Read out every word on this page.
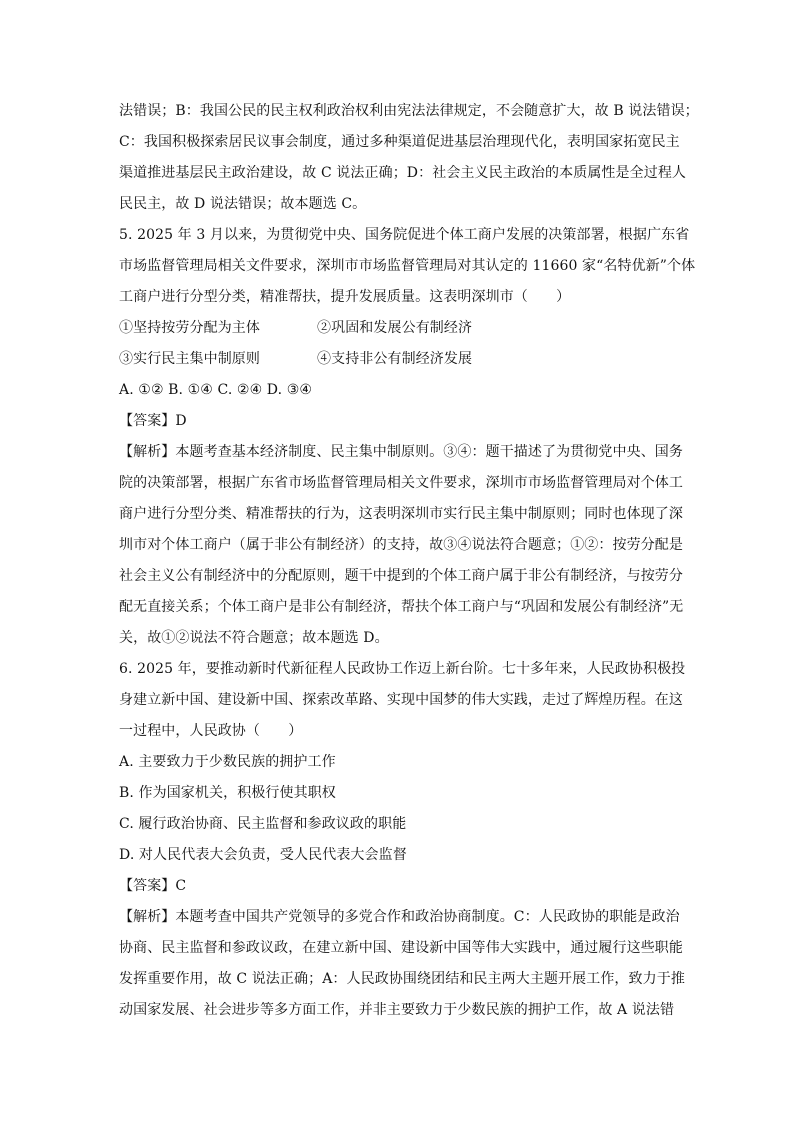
法错误；B：我国公民的民主权利政治权利由宪法法律规定，不会随意扩大，故 B 说法错误；
C：我国积极探索居民议事会制度，通过多种渠道促进基层治理现代化，表明国家拓宽民主
渠道推进基层民主政治建设，故 C 说法正确；D：社会主义民主政治的本质属性是全过程人
民民主，故 D 说法错误；故本题选 C。
5. 2025 年 3 月以来，为贯彻党中央、国务院促进个体工商户发展的决策部署，根据广东省
市场监督管理局相关文件要求，深圳市市场监督管理局对其认定的 11660 家“名特优新”个体
工商户进行分型分类，精准帮扶，提升发展质量。这表明深圳市（　　）
①坚持按劳分配为主体	②巩固和发展公有制经济
③实行民主集中制原则	④支持非公有制经济发展
A. ①② B. ①④ C. ②④ D. ③④
【答案】D
【解析】本题考查基本经济制度、民主集中制原则。③④：题干描述了为贯彻党中央、国务
院的决策部署，根据广东省市场监督管理局相关文件要求，深圳市市场监督管理局对个体工
商户进行分型分类、精准帮扶的行为，这表明深圳市实行民主集中制原则；同时也体现了深
圳市对个体工商户（属于非公有制经济）的支持，故③④说法符合题意；①②：按劳分配是
社会主义公有制经济中的分配原则，题干中提到的个体工商户属于非公有制经济，与按劳分
配无直接关系；个体工商户是非公有制经济，帮扶个体工商户与“巩固和发展公有制经济”无
关，故①②说法不符合题意；故本题选 D。
6. 2025 年，要推动新时代新征程人民政协工作迈上新台阶。七十多年来，人民政协积极投
身建立新中国、建设新中国、探索改革路、实现中国梦的伟大实践，走过了辉煌历程。在这
一过程中，人民政协（　　）
A. 主要致力于少数民族的拥护工作
B. 作为国家机关，积极行使其职权
C. 履行政治协商、民主监督和参政议政的职能
D. 对人民代表大会负责，受人民代表大会监督
【答案】C
【解析】本题考查中国共产党领导的多党合作和政治协商制度。C：人民政协的职能是政治
协商、民主监督和参政议政，在建立新中国、建设新中国等伟大实践中，通过履行这些职能
发挥重要作用，故 C 说法正确；A：人民政协围绕团结和民主两大主题开展工作，致力于推
动国家发展、社会进步等多方面工作，并非主要致力于少数民族的拥护工作，故 A 说法错
